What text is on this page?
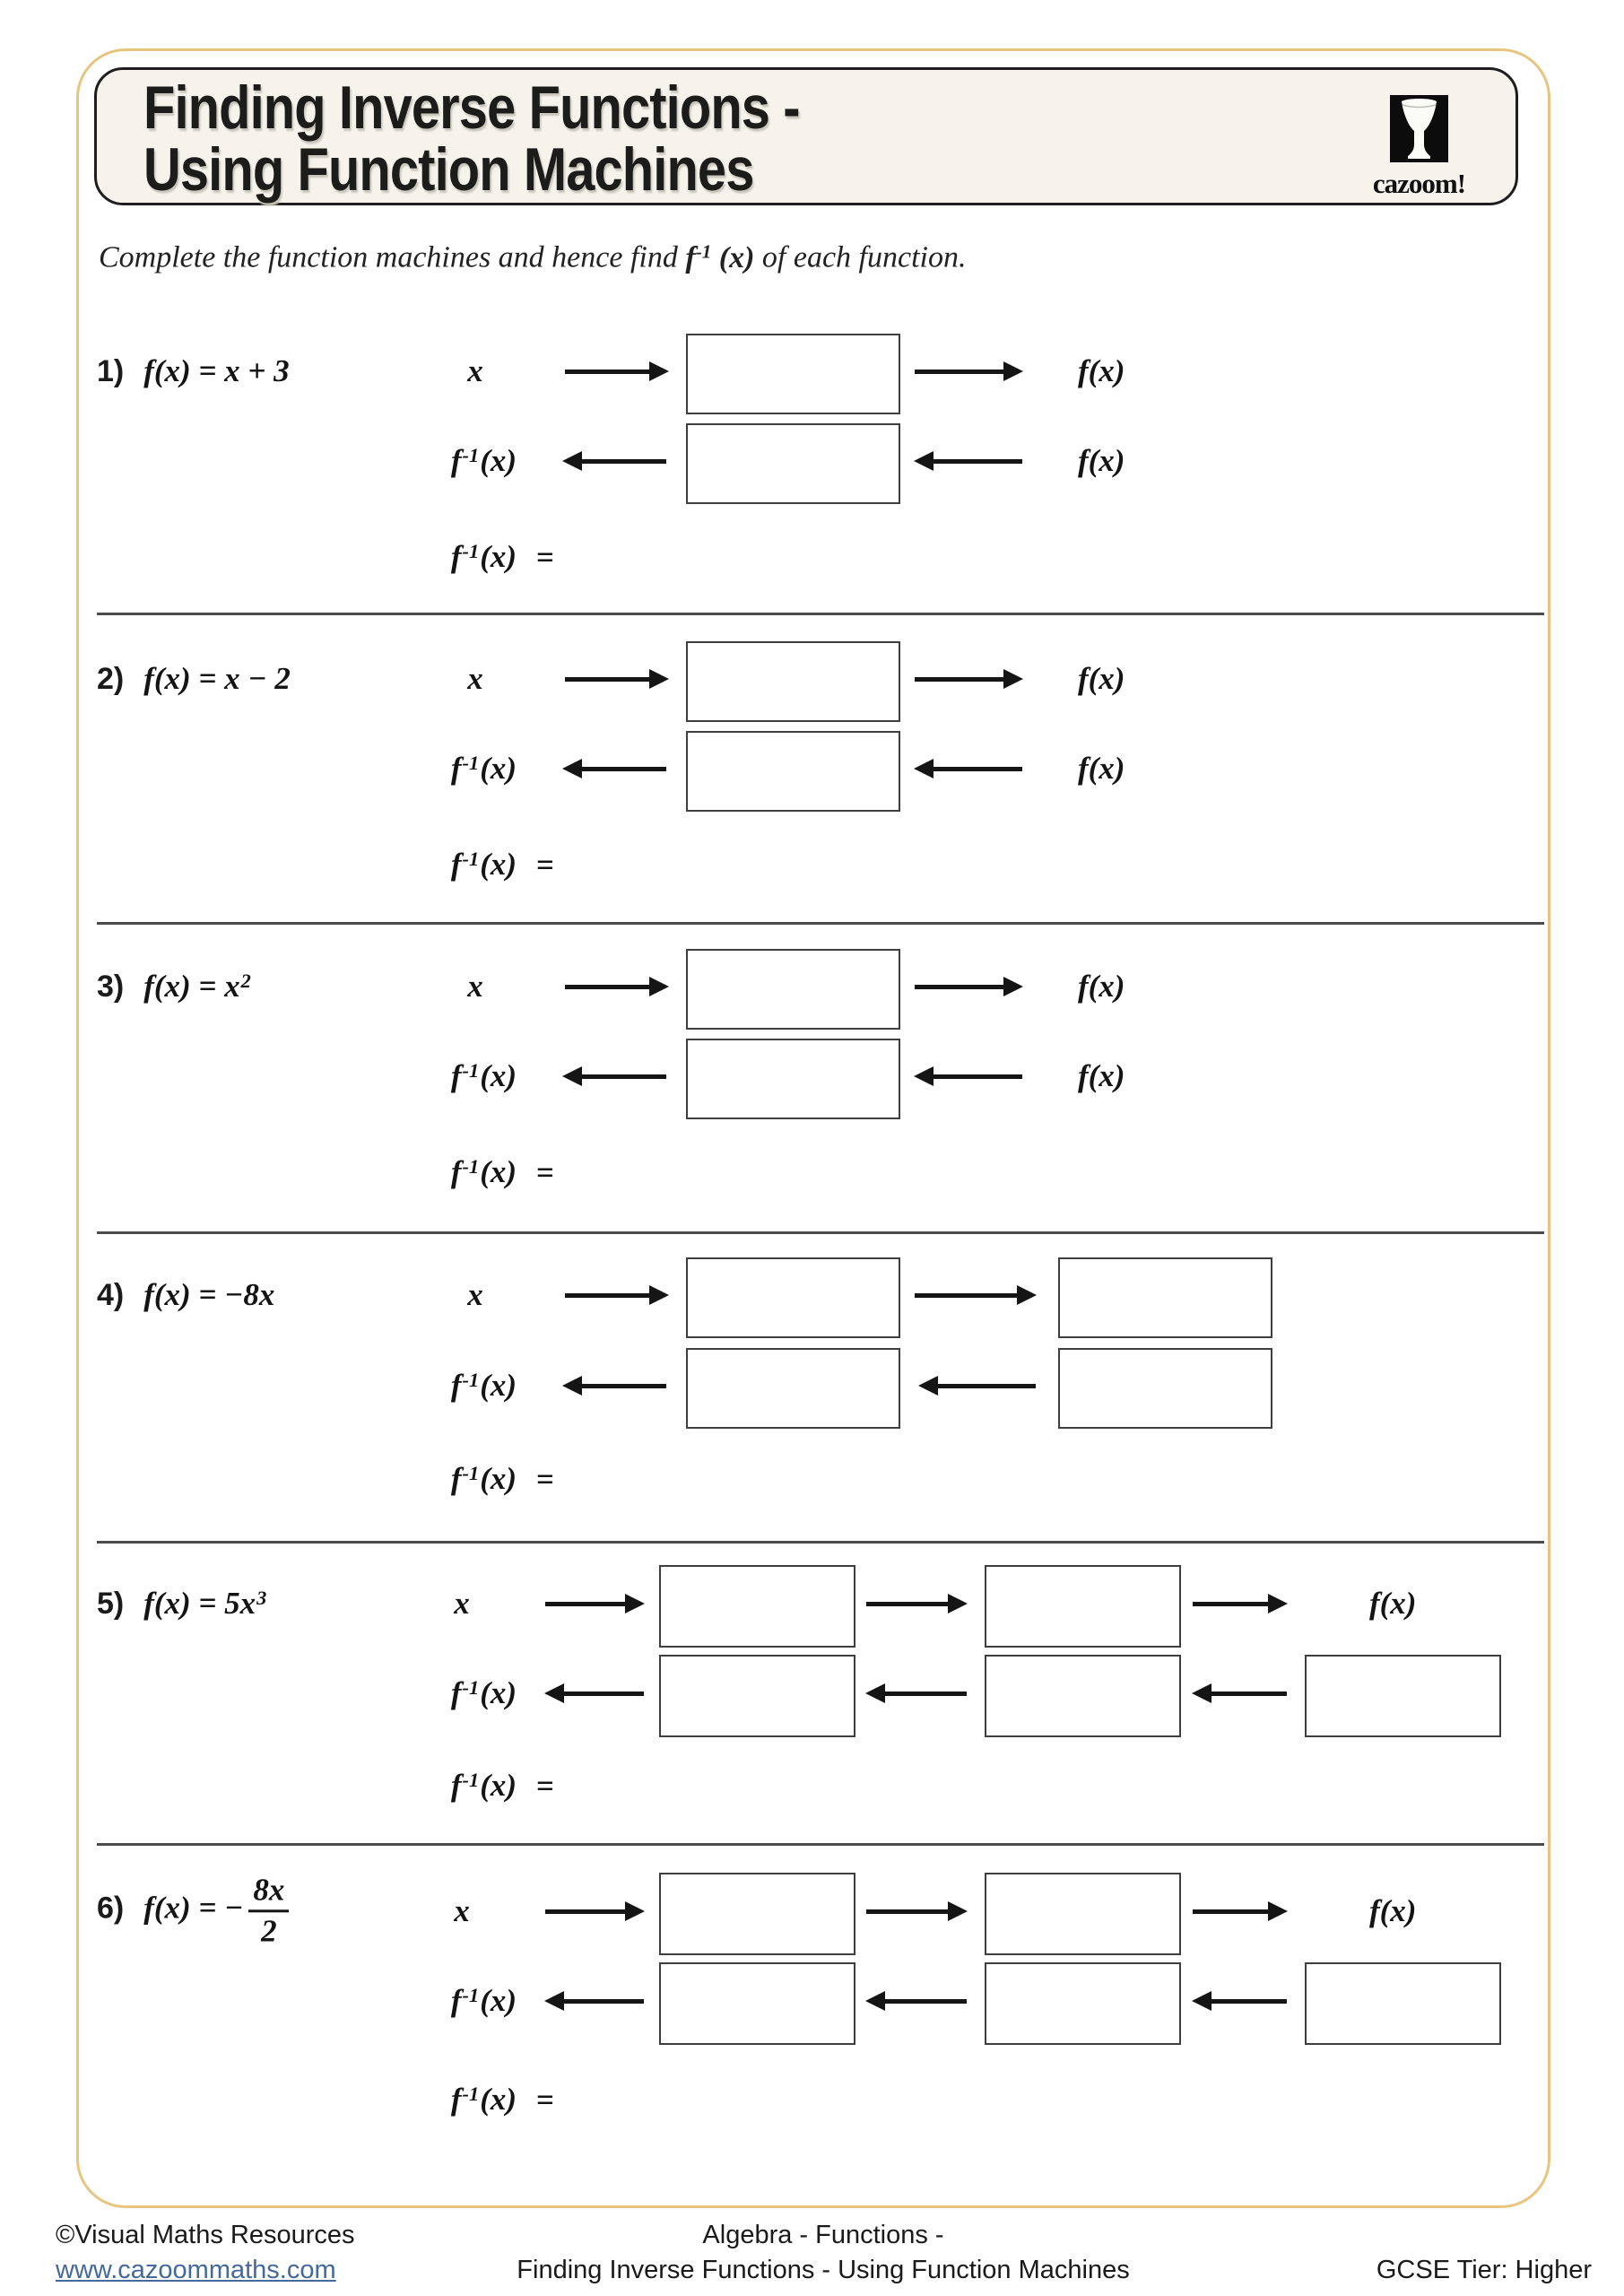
Finding Inverse Functions -
Using Function Machines	cazoom!

Complete the function machines and hence find $f^{-1}$ (x) of each function.

1) f(x) = x + 3	x	f(x)
$f^{-1}(x)$	f(x)
$f^{-1}(x)$ =
2) f(x) = x − 2	x	f(x)
$f^{-1}(x)$	f(x)
$f^{-1}(x)$ =
3) $f(x) = x^2$	x	f(x)
$f^{-1}(x)$	f(x)
$f^{-1}(x)$ =
4) f(x) = −8x	x
$f^{-1}(x)$
$f^{-1}(x)$ =
5) $f(x) = 5x^3$	x	f(x)
$f^{-1}(x)$
$f^{-1}(x)$ =
6) f(x) = − $\frac{8x}{2}$	x	f(x)
$f^{-1}(x)$
$f^{-1}(x)$ =
©Visual Maths Resources
www.cazoommaths.com
Algebra - Functions -
Finding Inverse Functions - Using Function Machines	GCSE Tier: Higher
